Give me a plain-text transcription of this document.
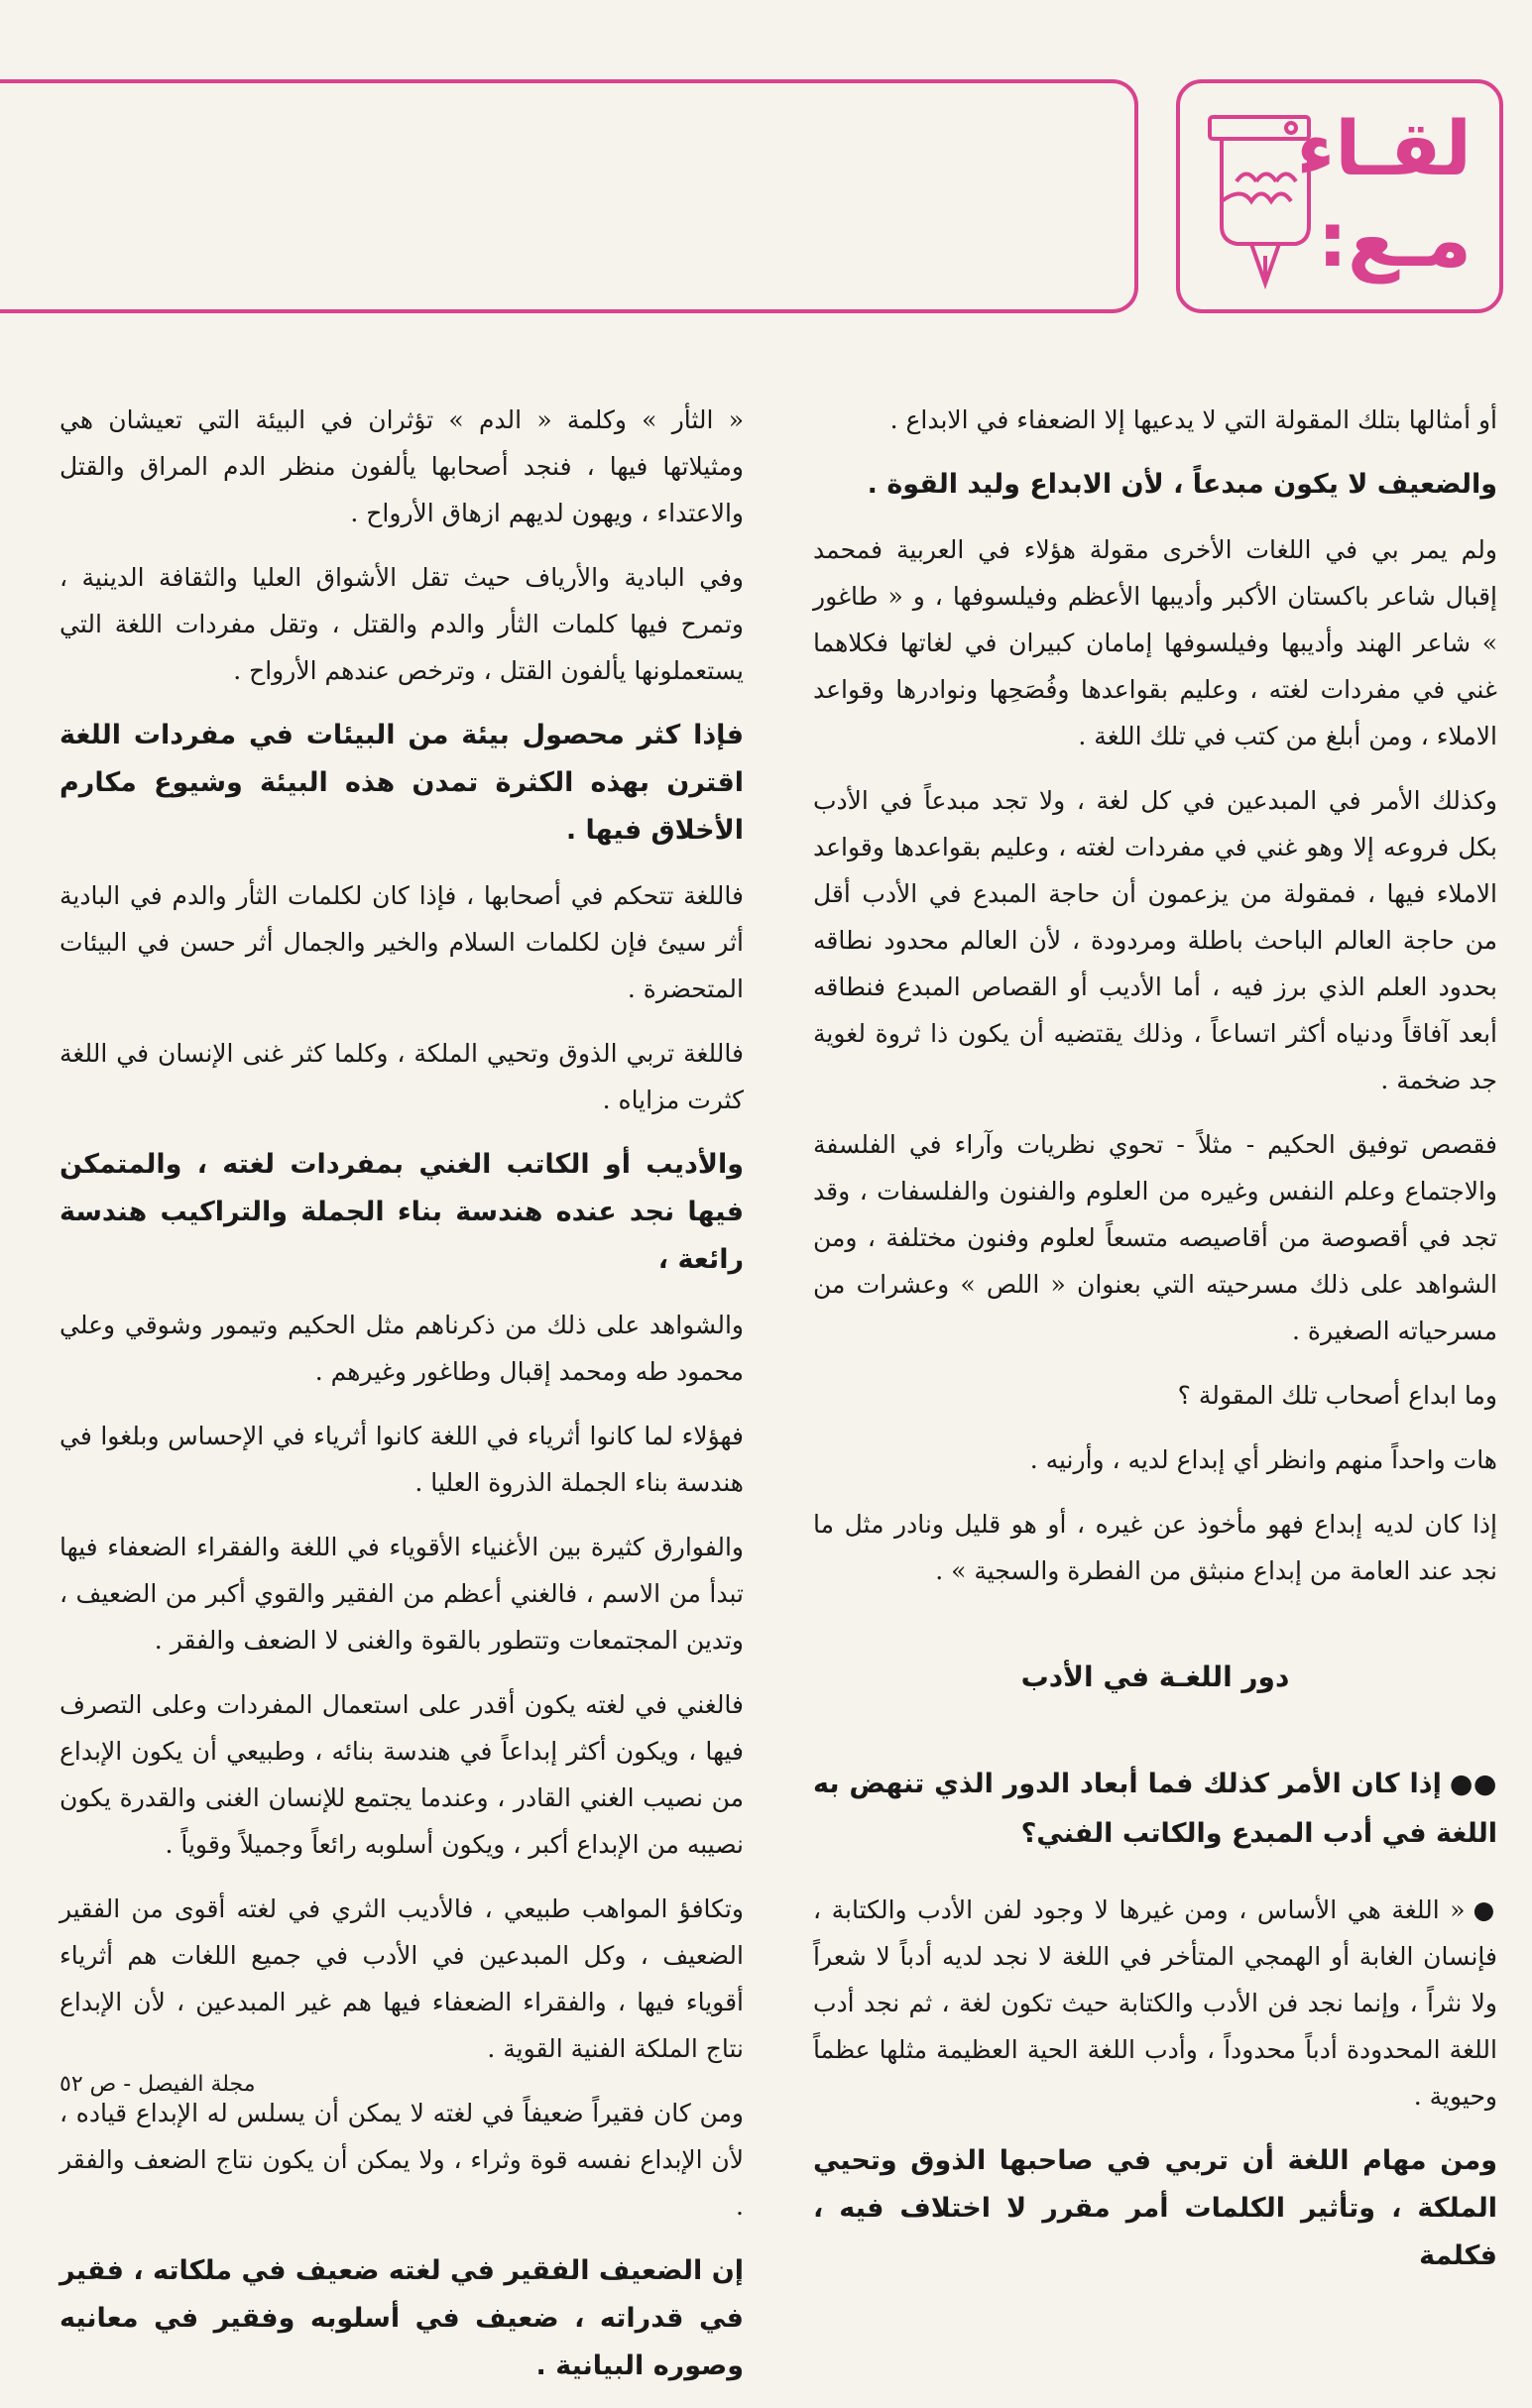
لقـاء
مـع:

أو أمثالها بتلك المقولة التي لا يدعيها إلا الضعفاء في الابداع .

والضعيف لا يكون مبدعاً ، لأن الابداع وليد القوة .

ولم يمر بي في اللغات الأخرى مقولة هؤلاء في العربية فمحمد إقبال شاعر باكستان الأكبر وأديبها الأعظم وفيلسوفها ، و « طاغور » شاعر الهند وأديبها وفيلسوفها إمامان كبيران في لغاتها فكلاهما غني في مفردات لغته ، وعليم بقواعدها وفُصَحِها ونوادرها وقواعد الاملاء ، ومن أبلغ من كتب في تلك اللغة .

وكذلك الأمر في المبدعين في كل لغة ، ولا تجد مبدعاً في الأدب بكل فروعه إلا وهو غني في مفردات لغته ، وعليم بقواعدها وقواعد الاملاء فيها ، فمقولة من يزعمون أن حاجة المبدع في الأدب أقل من حاجة العالم الباحث باطلة ومردودة ، لأن العالم محدود نطاقه بحدود العلم الذي برز فيه ، أما الأديب أو القصاص المبدع فنطاقه أبعد آفاقاً ودنياه أكثر اتساعاً ، وذلك يقتضيه أن يكون ذا ثروة لغوية جد ضخمة .

فقصص توفيق الحكيم - مثلاً - تحوي نظريات وآراء في الفلسفة والاجتماع وعلم النفس وغيره من العلوم والفنون والفلسفات ، وقد تجد في أقصوصة من أقاصيصه متسعاً لعلوم وفنون مختلفة ، ومن الشواهد على ذلك مسرحيته التي بعنوان « اللص » وعشرات من مسرحياته الصغيرة .

وما ابداع أصحاب تلك المقولة ؟

هات واحداً منهم وانظر أي إبداع لديه ، وأرنيه .

إذا كان لديه إبداع فهو مأخوذ عن غيره ، أو هو قليل ونادر مثل ما نجد عند العامة من إبداع منبثق من الفطرة والسجية » .

دور اللغـة في الأدب

●●إذا كان الأمر كذلك فما أبعاد الدور الذي تنهض به اللغة في أدب المبدع والكاتب الفني؟

●« اللغة هي الأساس ، ومن غيرها لا وجود لفن الأدب والكتابة ، فإنسان الغابة أو الهمجي المتأخر في اللغة لا نجد لديه أدباً لا شعراً ولا نثراً ، وإنما نجد فن الأدب والكتابة حيث تكون لغة ، ثم نجد أدب اللغة المحدودة أدباً محدوداً ، وأدب اللغة الحية العظيمة مثلها عظماً وحيوية .

ومن مهام اللغة أن تربي في صاحبها الذوق وتحيي الملكة ، وتأثير الكلمات أمر مقرر لا اختلاف فيه ، فكلمة

« الثأر » وكلمة « الدم » تؤثران في البيئة التي تعيشان هي ومثيلاتها فيها ، فنجد أصحابها يألفون منظر الدم المراق والقتل والاعتداء ، ويهون لديهم ازهاق الأرواح .

وفي البادية والأرياف حيث تقل الأشواق العليا والثقافة الدينية ، وتمرح فيها كلمات الثأر والدم والقتل ، وتقل مفردات اللغة التي يستعملونها يألفون القتل ، وترخص عندهم الأرواح .

فإذا كثر محصول بيئة من البيئات في مفردات اللغة اقترن بهذه الكثرة تمدن هذه البيئة وشيوع مكارم الأخلاق فيها .

فاللغة تتحكم في أصحابها ، فإذا كان لكلمات الثأر والدم في البادية أثر سيئ فإن لكلمات السلام والخير والجمال أثر حسن في البيئات المتحضرة .

فاللغة تربي الذوق وتحيي الملكة ، وكلما كثر غنى الإنسان في اللغة كثرت مزاياه .

والأديب أو الكاتب الغني بمفردات لغته ، والمتمكن فيها نجد عنده هندسة بناء الجملة والتراكيب هندسة رائعة ،

والشواهد على ذلك من ذكرناهم مثل الحكيم وتيمور وشوقي وعلي محمود طه ومحمد إقبال وطاغور وغيرهم .

فهؤلاء لما كانوا أثرياء في اللغة كانوا أثرياء في الإحساس وبلغوا في هندسة بناء الجملة الذروة العليا .

والفوارق كثيرة بين الأغنياء الأقوياء في اللغة والفقراء الضعفاء فيها تبدأ من الاسم ، فالغني أعظم من الفقير والقوي أكبر من الضعيف ، وتدين المجتمعات وتتطور بالقوة والغنى لا الضعف والفقر .

فالغني في لغته يكون أقدر على استعمال المفردات وعلى التصرف فيها ، ويكون أكثر إبداعاً في هندسة بنائه ، وطبيعي أن يكون الإبداع من نصيب الغني القادر ، وعندما يجتمع للإنسان الغنى والقدرة يكون نصيبه من الإبداع أكبر ، ويكون أسلوبه رائعاً وجميلاً وقوياً .

وتكافؤ المواهب طبيعي ، فالأديب الثري في لغته أقوى من الفقير الضعيف ، وكل المبدعين في الأدب في جميع اللغات هم أثرياء أقوياء فيها ، والفقراء الضعفاء فيها هم غير المبدعين ، لأن الإبداع نتاج الملكة الفنية القوية .

ومن كان فقيراً ضعيفاً في لغته لا يمكن أن يسلس له الإبداع قياده ، لأن الإبداع نفسه قوة وثراء ، ولا يمكن أن يكون نتاج الضعف والفقر .

إن الضعيف الفقير في لغته ضعيف في ملكاته ، فقير في قدراته ، ضعيف في أسلوبه وفقير في معانيه وصوره البيانية .

مجلة الفيصل - ص ٥٢
